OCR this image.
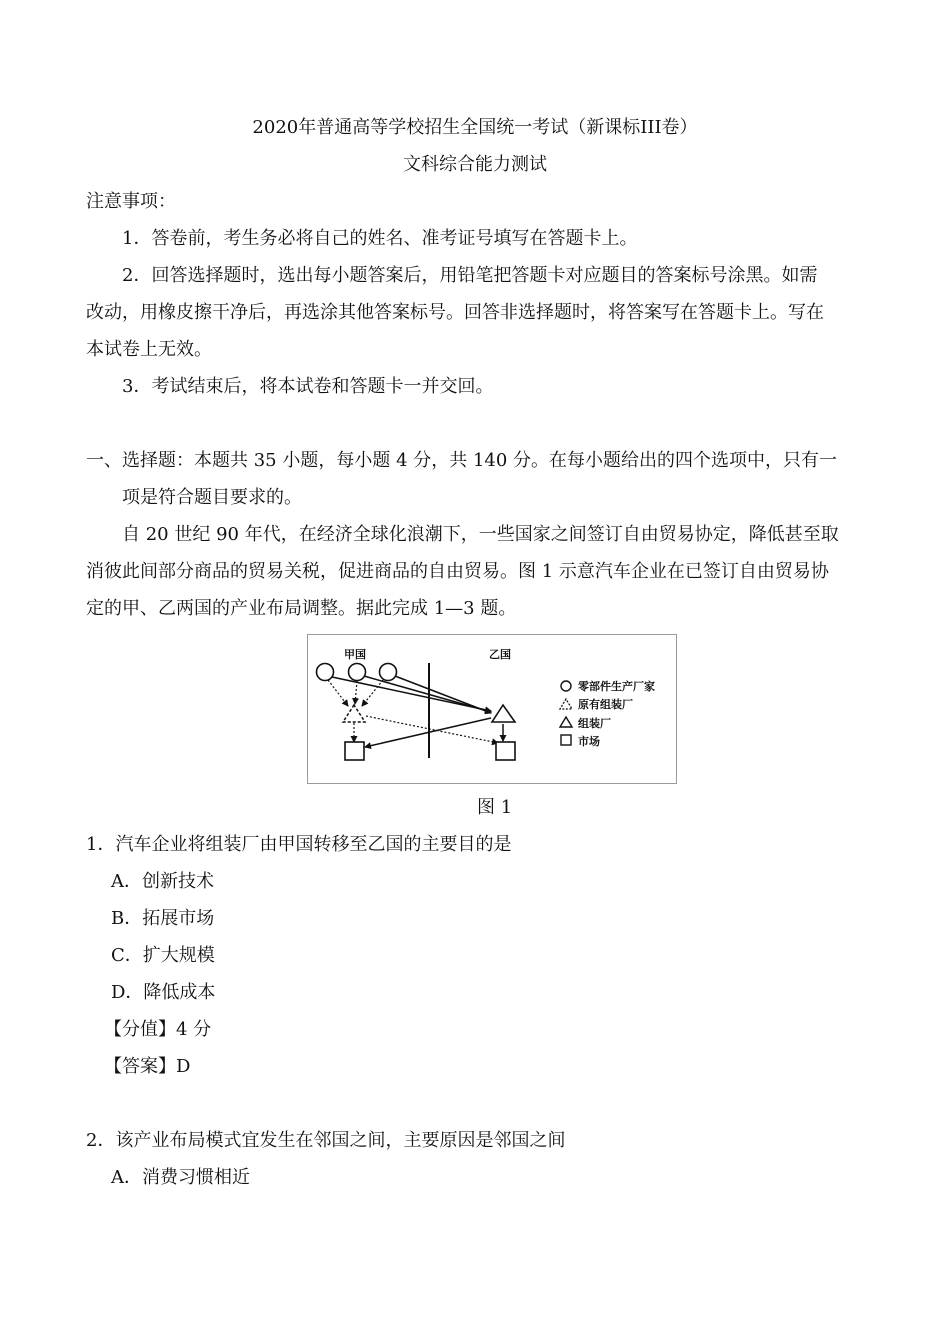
2020年普通高等学校招生全国统一考试（新课标III卷）
文科综合能力测试
注意事项：
1．答卷前，考生务必将自己的姓名、准考证号填写在答题卡上。
2．回答选择题时，选出每小题答案后，用铅笔把答题卡对应题目的答案标号涂黑。如需
改动，用橡皮擦干净后，再选涂其他答案标号。回答非选择题时，将答案写在答题卡上。写在
本试卷上无效。
3．考试结束后，将本试卷和答题卡一并交回。
一、选择题：本题共 35 小题，每小题 4 分，共 140 分。在每小题给出的四个选项中，只有一
项是符合题目要求的。
自 20 世纪 90 年代，在经济全球化浪潮下，一些国家之间签订自由贸易协定，降低甚至取
消彼此间部分商品的贸易关税，促进商品的自由贸易。图 1 示意汽车企业在已签订自由贸易协
定的甲、乙两国的产业布局调整。据此完成 1—3 题。
甲国	乙国
零部件生产厂家
原有组装厂
组装厂
市场
图 1
1．汽车企业将组装厂由甲国转移至乙国的主要目的是
A．创新技术
B．拓展市场
C．扩大规模
D．降低成本
【分值】4 分
【答案】D
2．该产业布局模式宜发生在邻国之间，主要原因是邻国之间
A．消费习惯相近
